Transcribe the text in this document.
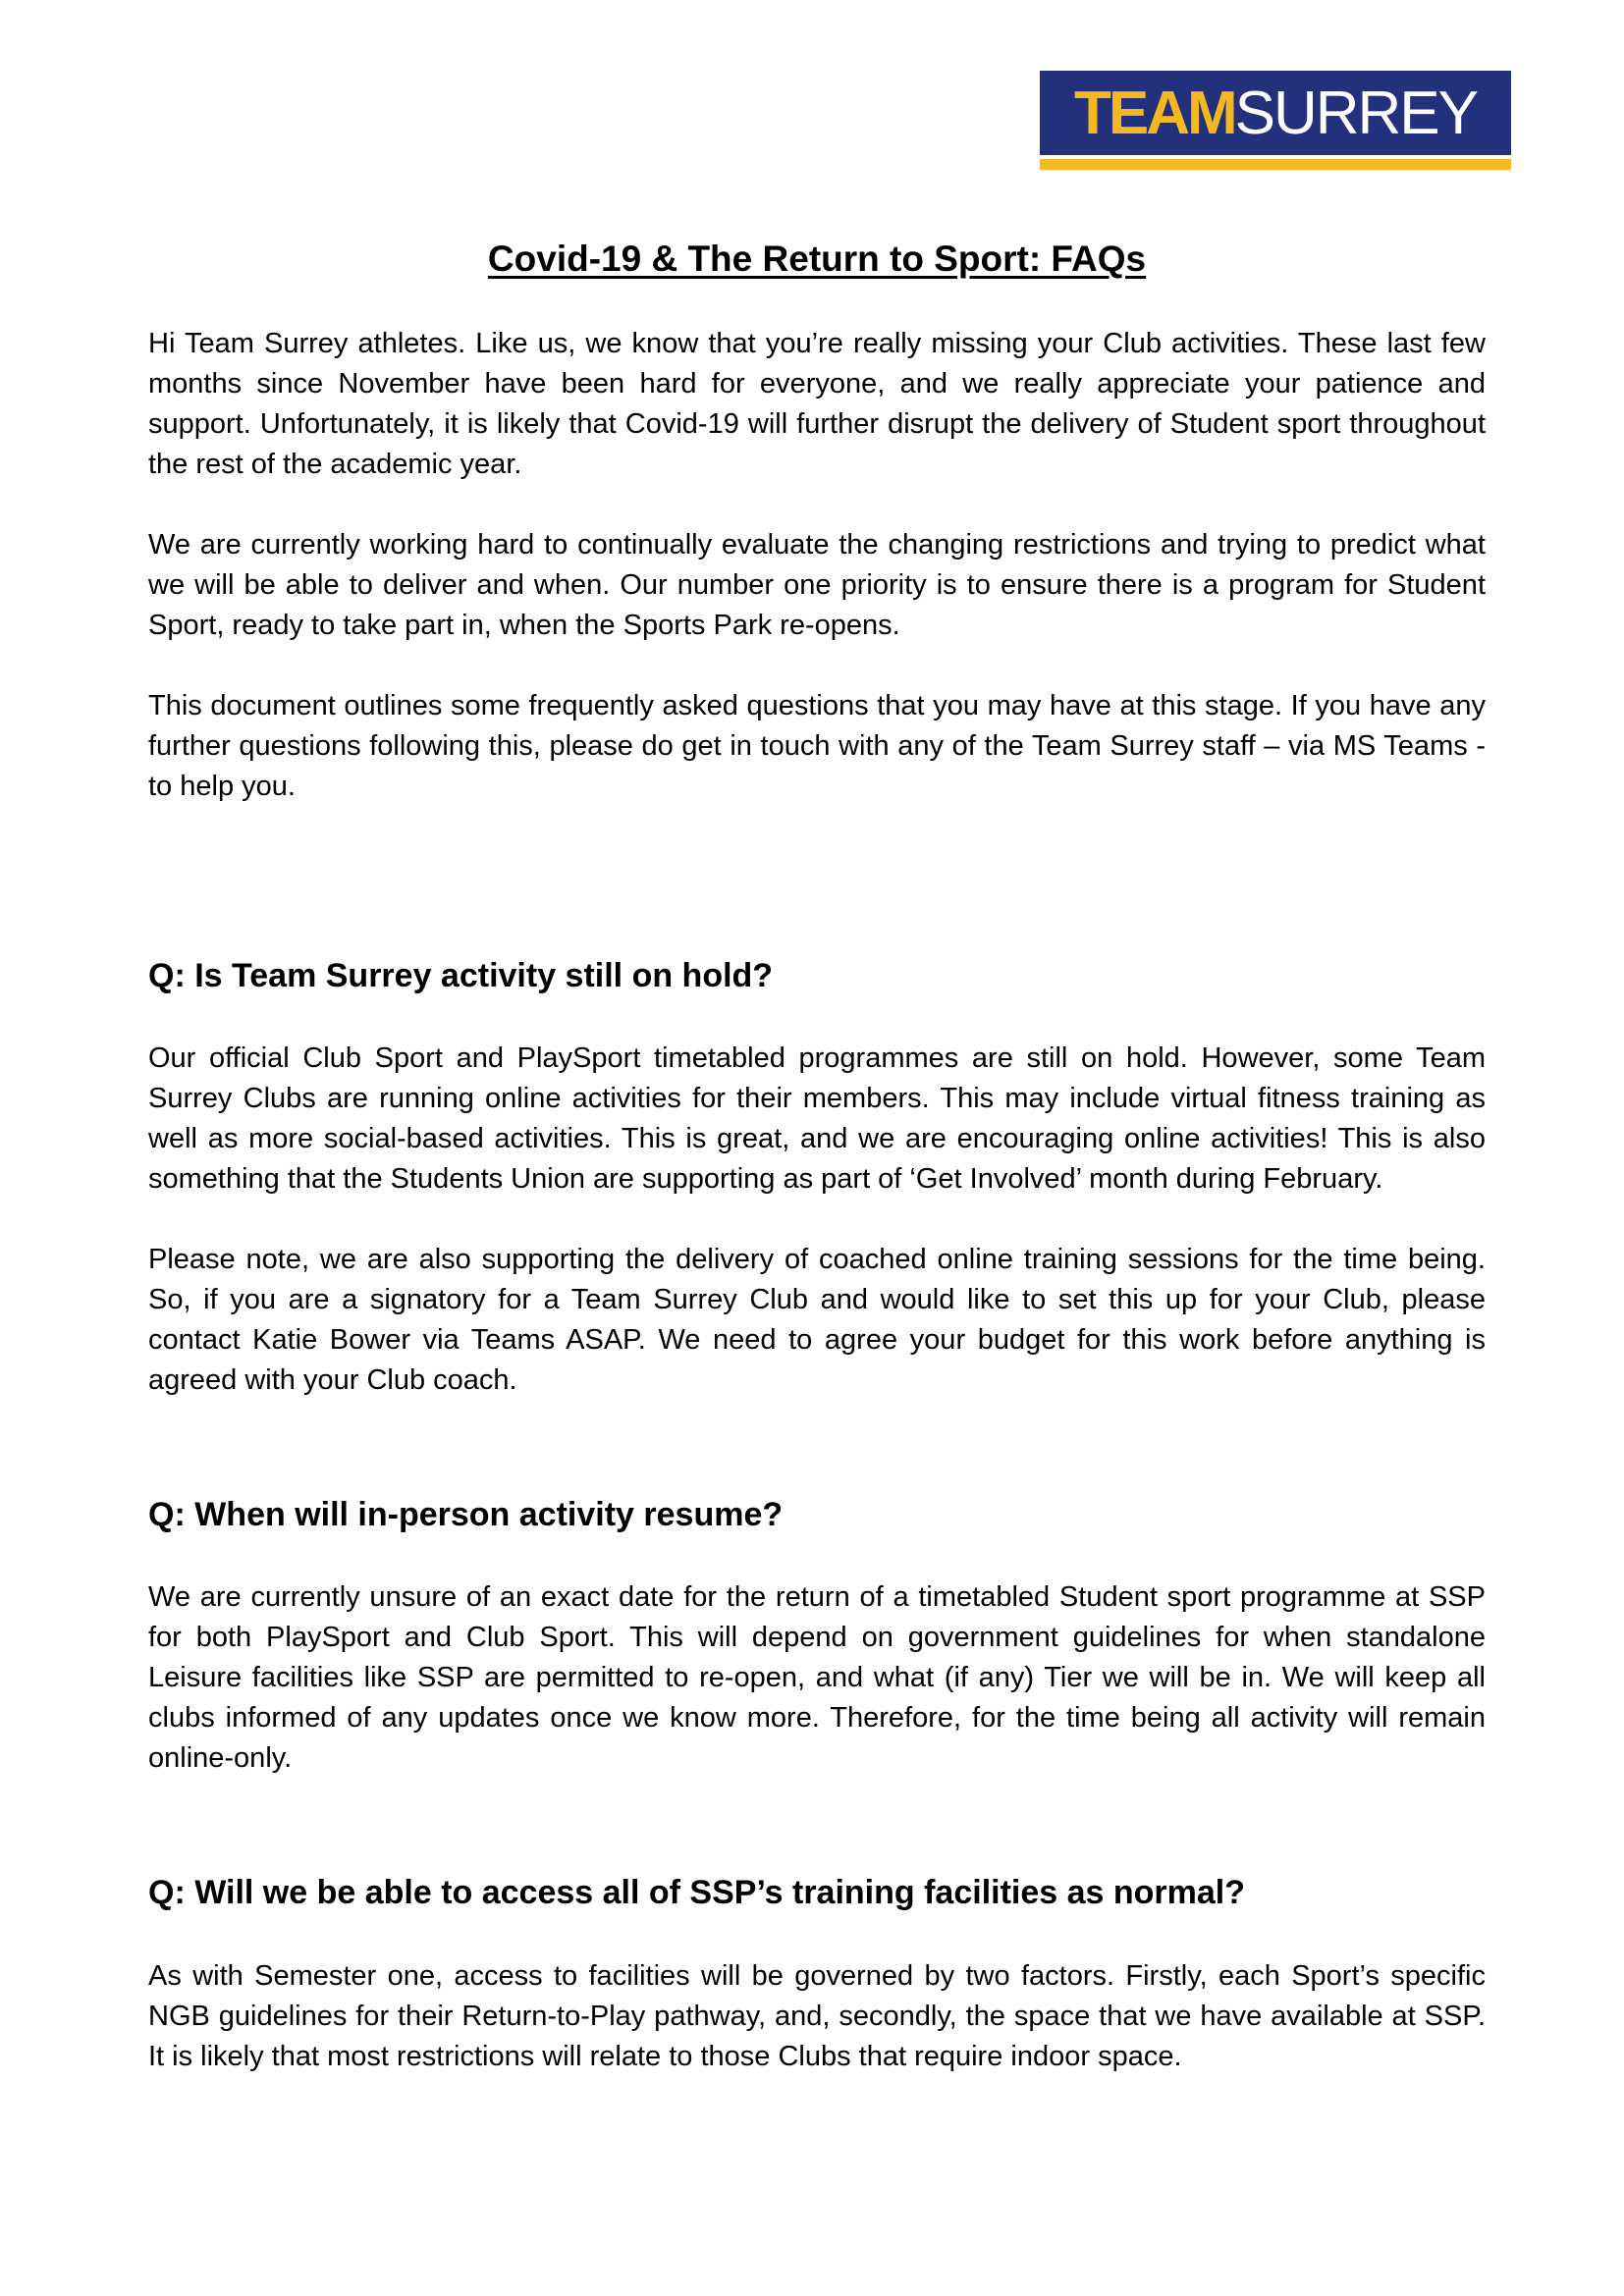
TEAM SURREY
Covid-19 & The Return to Sport: FAQs

Hi Team Surrey athletes. Like us, we know that you’re really missing your Club activities. These last few months since November have been hard for everyone, and we really appreciate your patience and support. Unfortunately, it is likely that Covid-19 will further disrupt the delivery of Student sport throughout the rest of the academic year.

We are currently working hard to continually evaluate the changing restrictions and trying to predict what we will be able to deliver and when. Our number one priority is to ensure there is a program for Student Sport, ready to take part in, when the Sports Park re-opens.

This document outlines some frequently asked questions that you may have at this stage. If you have any further questions following this, please do get in touch with any of the Team Surrey staff – via MS Teams - to help you.

Q: Is Team Surrey activity still on hold?

Our official Club Sport and PlaySport timetabled programmes are still on hold. However, some Team Surrey Clubs are running online activities for their members. This may include virtual fitness training as well as more social-based activities. This is great, and we are encouraging online activities! This is also something that the Students Union are supporting as part of ‘Get Involved’ month during February.

Please note, we are also supporting the delivery of coached online training sessions for the time being. So, if you are a signatory for a Team Surrey Club and would like to set this up for your Club, please contact Katie Bower via Teams ASAP. We need to agree your budget for this work before anything is agreed with your Club coach.

Q: When will in-person activity resume?

We are currently unsure of an exact date for the return of a timetabled Student sport programme at SSP for both PlaySport and Club Sport. This will depend on government guidelines for when standalone Leisure facilities like SSP are permitted to re-open, and what (if any) Tier we will be in. We will keep all clubs informed of any updates once we know more. Therefore, for the time being all activity will remain online-only.

Q: Will we be able to access all of SSP’s training facilities as normal?

As with Semester one, access to facilities will be governed by two factors. Firstly, each Sport’s specific NGB guidelines for their Return-to-Play pathway, and, secondly, the space that we have available at SSP. It is likely that most restrictions will relate to those Clubs that require indoor space.
